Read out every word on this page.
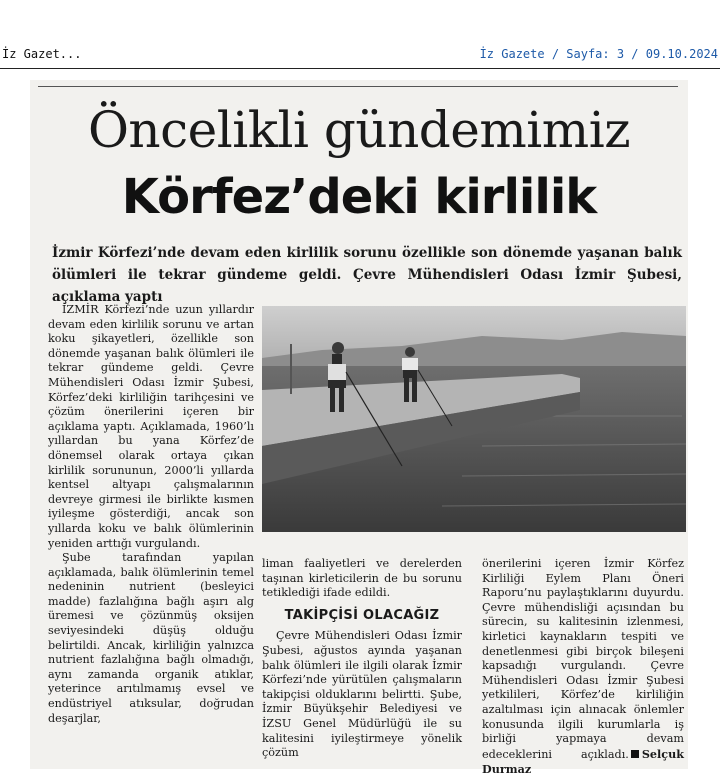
İz Gazet...	İz Gazete / Sayfa: 3 / 09.10.2024
Öncelikli gündemimiz
Körfez’deki kirlilik
İzmir Körfezi’nde devam eden kirlilik sorunu özellikle son dönemde yaşanan balık ölümleri ile tekrar gündeme geldi. Çevre Mühendisleri Odası İzmir Şubesi, açıklama yaptı

İZMİR Körfezi’nde uzun yıllardır devam eden kirlilik sorunu ve artan koku şikayetleri, özellikle son dönemde yaşanan balık ölümleri ile tekrar gündeme geldi. Çevre Mühendisleri Odası İzmir Şubesi, Körfez’deki kirliliğin tarihçesini ve çözüm önerilerini içeren bir açıklama yaptı. Açıklamada, 1960’lı yıllardan bu yana Körfez’de dönemsel olarak ortaya çıkan kirlilik sorununun, 2000’li yıllarda kentsel altyapı çalışmalarının devreye girmesi ile birlikte kısmen iyileşme gösterdiği, ancak son yıllarda koku ve balık ölümlerinin yeniden arttığı vurgulandı.

Şube tarafından yapılan açıklamada, balık ölümlerinin temel nedeninin nutrient (besleyici madde) fazlalığına bağlı aşırı alg üremesi ve çözünmüş oksijen seviyesindeki düşüş olduğu belirtildi. Ancak, kirliliğin yalnızca nutrient fazlalığına bağlı olmadığı, aynı zamanda organik atıklar, yeterince arıtılmamış evsel ve endüstriyel atıksular, doğrudan deşarjlar,

liman faaliyetleri ve derelerden taşınan kirleticilerin de bu sorunu tetiklediği ifade edildi.

TAKİPÇİSİ OLACAĞIZ

Çevre Mühendisleri Odası İzmir Şubesi, ağustos ayında yaşanan balık ölümleri ile ilgili olarak İzmir Körfezi’nde yürütülen çalışmaların takipçisi olduklarını belirtti. Şube, İzmir Büyükşehir Belediyesi ve İZSU Genel Müdürlüğü ile su kalitesini iyileştirmeye yönelik çözüm

önerilerini içeren İzmir Körfez Kirliliği Eylem Planı Öneri Raporu’nu paylaştıklarını duyurdu. Çevre mühendisliği açısından bu sürecin, su kalitesinin izlenmesi, kirletici kaynakların tespiti ve denetlenmesi gibi birçok bileşeni kapsadığı vurgulandı. Çevre Mühendisleri Odası İzmir Şubesi yetkilileri, Körfez’de kirliliğin azaltılması için alınacak önlemler konusunda ilgili kurumlarla iş birliği yapmaya devam edeceklerini açıkladı. Selçuk Durmaz
